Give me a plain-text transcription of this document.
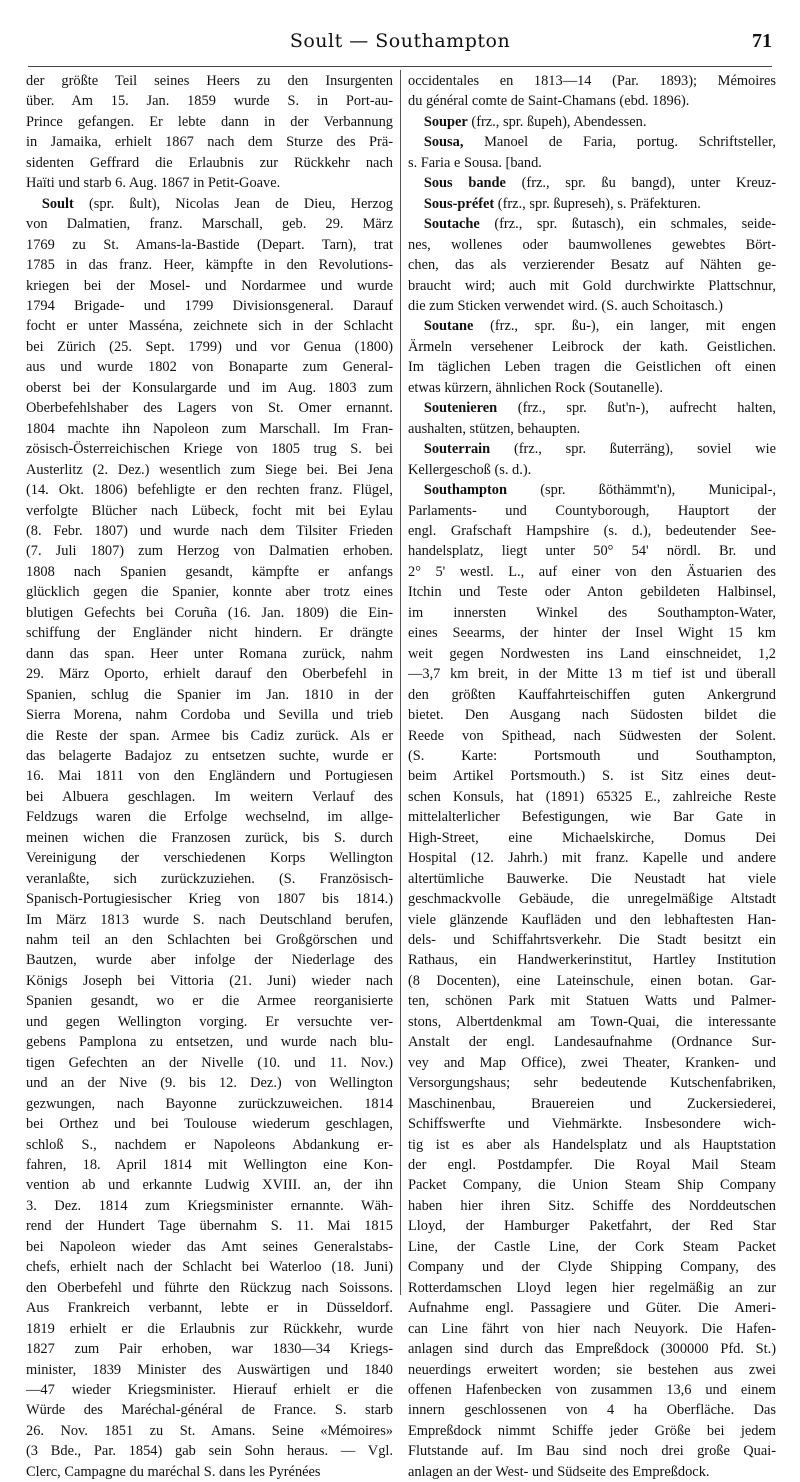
Soult — Southampton	71
der größte Teil seines Heers zu den Insurgenten
über. Am 15. Jan. 1859 wurde S. in Port-au-
Prince gefangen. Er lebte dann in der Verbannung
in Jamaika, erhielt 1867 nach dem Sturze des Prä-
sidenten Geffrard die Erlaubnis zur Rückkehr nach
Haïti und starb 6. Aug. 1867 in Petit-Goave.
Soult (spr. ßult), Nicolas Jean de Dieu, Herzog
von Dalmatien, franz. Marschall, geb. 29. März
1769 zu St. Amans-la-Bastide (Depart. Tarn), trat
1785 in das franz. Heer, kämpfte in den Revolutions-
kriegen bei der Mosel- und Nordarmee und wurde
1794 Brigade- und 1799 Divisionsgeneral. Darauf
focht er unter Masséna, zeichnete sich in der Schlacht
bei Zürich (25. Sept. 1799) und vor Genua (1800)
aus und wurde 1802 von Bonaparte zum General-
oberst bei der Konsulargarde und im Aug. 1803 zum
Oberbefehlshaber des Lagers von St. Omer ernannt.
1804 machte ihn Napoleon zum Marschall. Im Fran-
zösisch-Österreichischen Kriege von 1805 trug S. bei
Austerlitz (2. Dez.) wesentlich zum Siege bei. Bei Jena
(14. Okt. 1806) befehligte er den rechten franz. Flügel,
verfolgte Blücher nach Lübeck, focht mit bei Eylau
(8. Febr. 1807) und wurde nach dem Tilsiter Frieden
(7. Juli 1807) zum Herzog von Dalmatien erhoben.
1808 nach Spanien gesandt, kämpfte er anfangs
glücklich gegen die Spanier, konnte aber trotz eines
blutigen Gefechts bei Coruña (16. Jan. 1809) die Ein-
schiffung der Engländer nicht hindern. Er drängte
dann das span. Heer unter Romana zurück, nahm
29. März Oporto, erhielt darauf den Oberbefehl in
Spanien, schlug die Spanier im Jan. 1810 in der
Sierra Morena, nahm Cordoba und Sevilla und trieb
die Reste der span. Armee bis Cadiz zurück. Als er
das belagerte Badajoz zu entsetzen suchte, wurde er
16. Mai 1811 von den Engländern und Portugiesen
bei Albuera geschlagen. Im weitern Verlauf des
Feldzugs waren die Erfolge wechselnd, im allge-
meinen wichen die Franzosen zurück, bis S. durch
Vereinigung der verschiedenen Korps Wellington
veranlaßte, sich zurückzuziehen. (S. Französisch-
Spanisch-Portugiesischer Krieg von 1807 bis 1814.)
Im März 1813 wurde S. nach Deutschland berufen,
nahm teil an den Schlachten bei Großgörschen und
Bautzen, wurde aber infolge der Niederlage des
Königs Joseph bei Vittoria (21. Juni) wieder nach
Spanien gesandt, wo er die Armee reorganisierte
und gegen Wellington vorging. Er versuchte ver-
gebens Pamplona zu entsetzen, und wurde nach blu-
tigen Gefechten an der Nivelle (10. und 11. Nov.)
und an der Nive (9. bis 12. Dez.) von Wellington
gezwungen, nach Bayonne zurückzuweichen. 1814
bei Orthez und bei Toulouse wiederum geschlagen,
schloß S., nachdem er Napoleons Abdankung er-
fahren, 18. April 1814 mit Wellington eine Kon-
vention ab und erkannte Ludwig XVIII. an, der ihn
3. Dez. 1814 zum Kriegsminister ernannte. Wäh-
rend der Hundert Tage übernahm S. 11. Mai 1815
bei Napoleon wieder das Amt seines Generalstabs-
chefs, erhielt nach der Schlacht bei Waterloo (18. Juni)
den Oberbefehl und führte den Rückzug nach Soissons.
Aus Frankreich verbannt, lebte er in Düsseldorf.
1819 erhielt er die Erlaubnis zur Rückkehr, wurde
1827 zum Pair erhoben, war 1830—34 Kriegs-
minister, 1839 Minister des Auswärtigen und 1840
—47 wieder Kriegsminister. Hierauf erhielt er die
Würde des Maréchal-général de France. S. starb
26. Nov. 1851 zu St. Amans. Seine «Mémoires»
(3 Bde., Par. 1854) gab sein Sohn heraus. — Vgl.
Clerc, Campagne du maréchal S. dans les Pyrénées
occidentales en 1813—14 (Par. 1893); Mémoires
du général comte de Saint-Chamans (ebd. 1896).
Souper (frz., spr. ßupeh), Abendessen.
Sousa, Manoel de Faria, portug. Schriftsteller,
s. Faria e Sousa. [band.
Sous bande (frz., spr. ßu bangd), unter Kreuz-
Sous-préfet (frz., spr. ßupreseh), s. Präfekturen.
Soutache (frz., spr. ßutasch), ein schmales, seide-
nes, wollenes oder baumwollenes gewebtes Bört-
chen, das als verzierender Besatz auf Nähten ge-
braucht wird; auch mit Gold durchwirkte Plattschnur,
die zum Sticken verwendet wird. (S. auch Schoitasch.)
Soutane (frz., spr. ßu-), ein langer, mit engen
Ärmeln versehener Leibrock der kath. Geistlichen.
Im täglichen Leben tragen die Geistlichen oft einen
etwas kürzern, ähnlichen Rock (Soutanelle).
Soutenieren (frz., spr. ßut'n-), aufrecht halten,
aushalten, stützen, behaupten.
Souterrain (frz., spr. ßuterräng), soviel wie
Kellergeschoß (s. d.).
Southampton (spr. ßöthämmt'n), Municipal-,
Parlaments- und Countyborough, Hauptort der
engl. Grafschaft Hampshire (s. d.), bedeutender See-
handelsplatz, liegt unter 50° 54' nördl. Br. und
2° 5' westl. L., auf einer von den Ästuarien des
Itchin und Teste oder Anton gebildeten Halbinsel,
im innersten Winkel des Southampton-Water,
eines Seearms, der hinter der Insel Wight 15 km
weit gegen Nordwesten ins Land einschneidet, 1,2
—3,7 km breit, in der Mitte 13 m tief ist und überall
den größten Kauffahrteischiffen guten Ankergrund
bietet. Den Ausgang nach Südosten bildet die
Reede von Spithead, nach Südwesten der Solent.
(S. Karte: Portsmouth und Southampton,
beim Artikel Portsmouth.) S. ist Sitz eines deut-
schen Konsuls, hat (1891) 65325 E., zahlreiche Reste
mittelalterlicher Befestigungen, wie Bar Gate in
High-Street, eine Michaelskirche, Domus Dei
Hospital (12. Jahrh.) mit franz. Kapelle und andere
altertümliche Bauwerke. Die Neustadt hat viele
geschmackvolle Gebäude, die unregelmäßige Altstadt
viele glänzende Kaufläden und den lebhaftesten Han-
dels- und Schiffahrtsverkehr. Die Stadt besitzt ein
Rathaus, ein Handwerkerinstitut, Hartley Institution
(8 Docenten), eine Lateinschule, einen botan. Gar-
ten, schönen Park mit Statuen Watts und Palmer-
stons, Albertdenkmal am Town-Quai, die interessante
Anstalt der engl. Landesaufnahme (Ordnance Sur-
vey and Map Office), zwei Theater, Kranken- und
Versorgungshaus; sehr bedeutende Kutschenfabriken,
Maschinenbau, Brauereien und Zuckersiederei,
Schiffswerfte und Viehmärkte. Insbesondere wich-
tig ist es aber als Handelsplatz und als Hauptstation
der engl. Postdampfer. Die Royal Mail Steam
Packet Company, die Union Steam Ship Company
haben hier ihren Sitz. Schiffe des Norddeutschen
Lloyd, der Hamburger Paketfahrt, der Red Star
Line, der Castle Line, der Cork Steam Packet
Company und der Clyde Shipping Company, des
Rotterdamschen Lloyd legen hier regelmäßig an zur
Aufnahme engl. Passagiere und Güter. Die Ameri-
can Line fährt von hier nach Neuyork. Die Hafen-
anlagen sind durch das Empreßdock (300000 Pfd. St.)
neuerdings erweitert worden; sie bestehen aus zwei
offenen Hafenbecken von zusammen 13,6 und einem
innern geschlossenen von 4 ha Oberfläche. Das
Empreßdock nimmt Schiffe jeder Größe bei jedem
Flutstande auf. Im Bau sind noch drei große Quai-
anlagen an der West- und Südseite des Empreßdock.
